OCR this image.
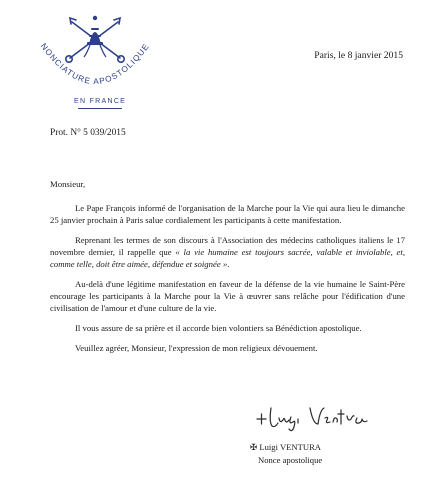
NONCIATURE APOSTOLIQUE
EN FRANCE
Paris, le 8 janvier 2015
Prot. N° 5 039/2015

Monsieur,

Le Pape François informé de l'organisation de la Marche pour la Vie qui aura lieu le dimanche 25 janvier prochain à Paris salue cordialement les participants à cette manifestation.

Reprenant les termes de son discours à l'Association des médecins catholiques italiens le 17 novembre dernier, il rappelle que « la vie humaine est toujours sacrée, valable et inviolable, et, comme telle, doit être aimée, défendue et soignée ».

Au-delà d'une légitime manifestation en faveur de la défense de la vie humaine le Saint-Père encourage les participants à la Marche pour la Vie à œuvrer sans relâche pour l'édification d'une civilisation de l'amour et d'une culture de la vie.

Il vous assure de sa prière et il accorde bien volontiers sa Bénédiction apostolique.

Veuillez agréer, Monsieur, l'expression de mon religieux dévouement.

✠ Luigi VENTURA
Nonce apostolique
